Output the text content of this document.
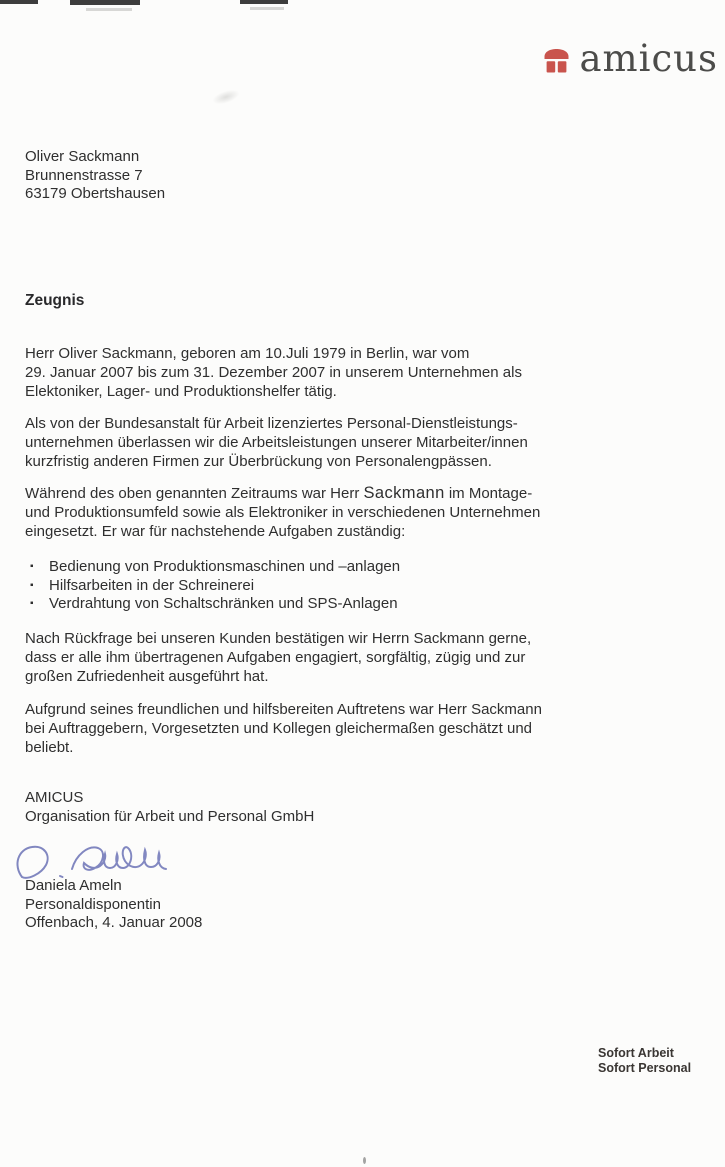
amicus
Oliver Sackmann
Brunnenstrasse 7
63179 Obertshausen
Zeugnis
Herr Oliver Sackmann, geboren am 10.Juli 1979 in Berlin, war vom
29. Januar 2007 bis zum 31. Dezember 2007 in unserem Unternehmen als
Elektoniker, Lager- und Produktionshelfer tätig.
Als von der Bundesanstalt für Arbeit lizenziertes Personal-Dienstleistungs-
unternehmen überlassen wir die Arbeitsleistungen unserer Mitarbeiter/innen
kurzfristig anderen Firmen zur Überbrückung von Personalengpässen.
Während des oben genannten Zeitraums war Herr Sackmann im Montage-
und Produktionsumfeld sowie als Elektroniker in verschiedenen Unternehmen
eingesetzt. Er war für nachstehende Aufgaben zuständig:
▪	Bedienung von Produktionsmaschinen und –anlagen
▪	Hilfsarbeiten in der Schreinerei
▪	Verdrahtung von Schaltschränken und SPS-Anlagen
Nach Rückfrage bei unseren Kunden bestätigen wir Herrn Sackmann gerne,
dass er alle ihm übertragenen Aufgaben engagiert, sorgfältig, zügig und zur
großen Zufriedenheit ausgeführt hat.
Aufgrund seines freundlichen und hilfsbereiten Auftretens war Herr Sackmann
bei Auftraggebern, Vorgesetzten und Kollegen gleichermaßen geschätzt und
beliebt.
AMICUS
Organisation für Arbeit und Personal GmbH
Daniela Ameln
Personaldisponentin
Offenbach, 4. Januar 2008
Sofort Arbeit
Sofort Personal
